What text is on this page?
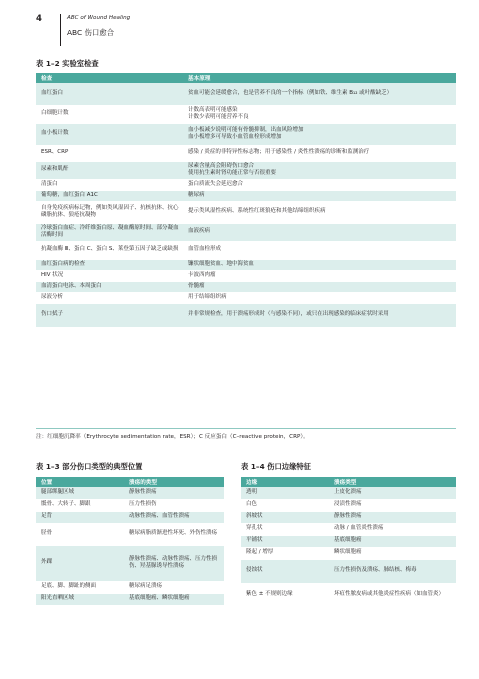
4	ABC of Wound Healing
ABC 伤口愈合
表 1–2 实验室检查
检查	基本原理
血红蛋白	贫血可能会延缓愈合，也是营养不良的一个指标（例如铁、维生素 B₁₂ 或叶酸缺乏）
白细胞计数	计数高表明可能感染
计数少表明可能营养不良
血小板计数	血小板减少说明可能有骨髓抑制，出血风险增加
血小板增多可导致小血管血栓形成增加
ESR、CRP	感染 / 炎症的非特异性标志物；用于感染性 / 炎性性溃疡的诊断和监测治疗
尿素和肌酐	尿素含量高会阻碍伤口愈合
使用抗生素时肾功能正常与否很重要
清蛋白	蛋白质流失会延迟愈合
葡萄糖，血红蛋白 A1C	糖尿病
自身免疫疾病标记物，例如类风湿因子、抗核抗体、抗心磷脂抗体、狼疮抗凝物	提示类风湿性疾病、系统性红斑狼疮和其他结缔组织疾病
冷球蛋白血症、冷纤维蛋白原、凝血酶原时间、部分凝血活酶时间	血液疾病
抗凝血酶 Ⅲ、蛋白 C、蛋白 S、莱登第五因子缺乏或缺损	血管血栓形成
血红蛋白病的检查	镰状细胞贫血、地中海贫血
HIV 状况	卡波西肉瘤
血清蛋白电泳、本周蛋白	骨髓瘤
尿液分析	用于结缔组织病
伤口拭子	并非常规检查，用于溃疡形成时（与感染不同），或只在出现感染的临床症状时采用
注：红细胞沉降率（Erythrocyte sedimentation rate，ESR）；C 反应蛋白（C–reactive protein，CRP）。
表 1–3 部分伤口类型的典型位置
位置	溃疡的类型
腿部绑腿区域	静脉性溃疡
骶骨、大转子、脚跟	压力性损伤
足背	动脉性溃疡、血管性溃疡
胫骨	糖尿病脂质渐进性坏死、外伤性溃疡
外踝	静脉性溃疡、动脉性溃疡、压力性损伤、羟基脲诱导性溃疡
足底、脚、脚趾的侧面	糖尿病足溃疡
阳光直晒区域	基底细胞癌、鳞状细胞癌
表 1–4 伤口边缘特征
边缘	溃疡类型
透明	上皮化溃疡
白色	浸渍性溃疡
斜坡状	静脉性溃疡
穿孔状	动脉 / 血管炎性溃疡
平铺状	基底细胞癌
隆起 / 增厚	鳞状细胞癌
侵蚀状	压力性损伤及溃疡、肺结核、梅毒
紫色 ± 不规则边缘	坏疽性脓皮病或其他炎症性疾病（如血管炎）
